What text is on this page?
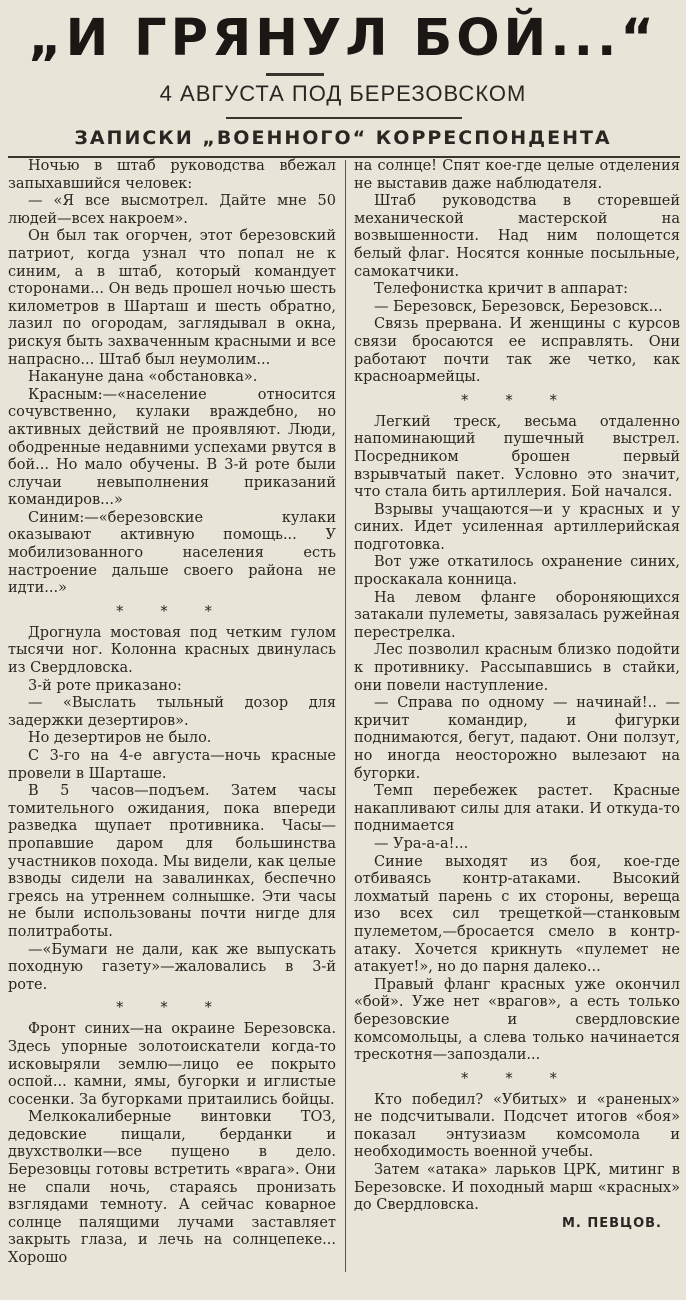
„И ГРЯНУЛ БОЙ...“
4 АВГУСТА ПОД БЕРЕЗОВСКОМ
ЗАПИСКИ „ВОЕННОГО“ КОРРЕСПОНДЕНТА

Ночью в штаб руководства вбежал запыхавшийся человек:

— «Я все высмотрел. Дайте мне 50 людей—всех накроем».

Он был так огорчен, этот березовский патриот, когда узнал что попал не к синим, а в штаб, который командует сторонами... Он ведь прошел ночью шесть километров в Шарташ и шесть обратно, лазил по огородам, заглядывал в окна, рискуя быть захваченным красными и все напрасно... Штаб был неумолим...

Накануне дана «обстановка».

Красным:—«население относится сочувственно, кулаки враждебно, но активных действий не проявляют. Люди, ободренные недавними успехами рвутся в бой... Но мало обучены. В 3-й роте были случаи невыполнения приказаний командиров...»

Синим:—«березовские кулаки оказывают активную помощь... У мобилизованного населения есть настроение дальше своего района не идти...»

* * *

Дрогнула мостовая под четким гулом тысячи ног. Колонна красных двинулась из Свердловска.

3-й роте приказано:

— «Выслать тыльный дозор для задержки дезертиров».

Но дезертиров не было.

С 3-го на 4-е августа—ночь красные провели в Шарташе.

В 5 часов—подъем. Затем часы томительного ожидания, пока впереди разведка щупает противника. Часы—пропавшие даром для большинства участников похода. Мы видели, как целые взводы сидели на завалинках, беспечно греясь на утреннем солнышке. Эти часы не были использованы почти нигде для политработы.

—«Бумаги не дали, как же выпускать походную газету»—жаловались в 3-й роте.

* * *

Фронт синих—на окраине Березовска. Здесь упорные золотоискатели когда-то исковыряли землю—лицо ее покрыто оспой... камни, ямы, бугорки и иглистые сосенки. За бугорками притаились бойцы.

Мелкокалиберные винтовки ТОЗ, дедовские пищали, берданки и двухстволки—все пущено в дело. Березовцы готовы встретить «врага». Они не спали ночь, стараясь пронизать взглядами темноту. А сейчас коварное солнце палящими лучами заставляет закрыть глаза, и лечь на солнцепеке... Хорошо

на солнце! Спят кое-где целые отделения не выставив даже наблюдателя.

Штаб руководства в сторевшей механической мастерской на возвышенности. Над ним полощется белый флаг. Носятся конные посыльные, самокатчики.

Телефонистка кричит в аппарат:

— Березовск, Березовск, Березовск...

Связь прервана. И женщины с курсов связи бросаются ее исправлять. Они работают почти так же четко, как красноармейцы.

* * *

Легкий треск, весьма отдаленно напоминающий пушечный выстрел. Посредником брошен первый взрывчатый пакет. Условно это значит, что стала бить артиллерия. Бой начался.

Взрывы учащаются—и у красных и у синих. Идет усиленная артиллерийская подготовка.

Вот уже откатилось охранение синих, проскакала конница.

На левом фланге обороняющихся затакали пулеметы, завязалась ружейная перестрелка.

Лес позволил красным близко подойти к противнику. Рассыпавшись в стайки, они повели наступление.

— Справа по одному — начинай!.. —кричит командир, и фигурки поднимаются, бегут, падают. Они ползут, но иногда неосторожно вылезают на бугорки.

Темп перебежек растет. Красные накапливают силы для атаки. И откуда-то поднимается

— Ура-а-а!...

Синие выходят из боя, кое-где отбиваясь контр-атаками. Высокий лохматый парень с их стороны, вереща изо всех сил трещеткой—станковым пулеметом,—бросается смело в контр-атаку. Хочется крикнуть «пулемет не атакует!», но до парня далеко...

Правый фланг красных уже окончил «бой». Уже нет «врагов», а есть только березовские и свердловские комсомольцы, а слева только начинается трескотня—запоздали...

* * *

Кто победил? «Убитых» и «раненых» не подсчитывали. Подсчет итогов «боя» показал энтузиазм комсомола и необходимость военной учебы.

Затем «атака» ларьков ЦРК, митинг в Березовске. И походный марш «красных» до Свердловска.

М. ПЕВЦОВ.
